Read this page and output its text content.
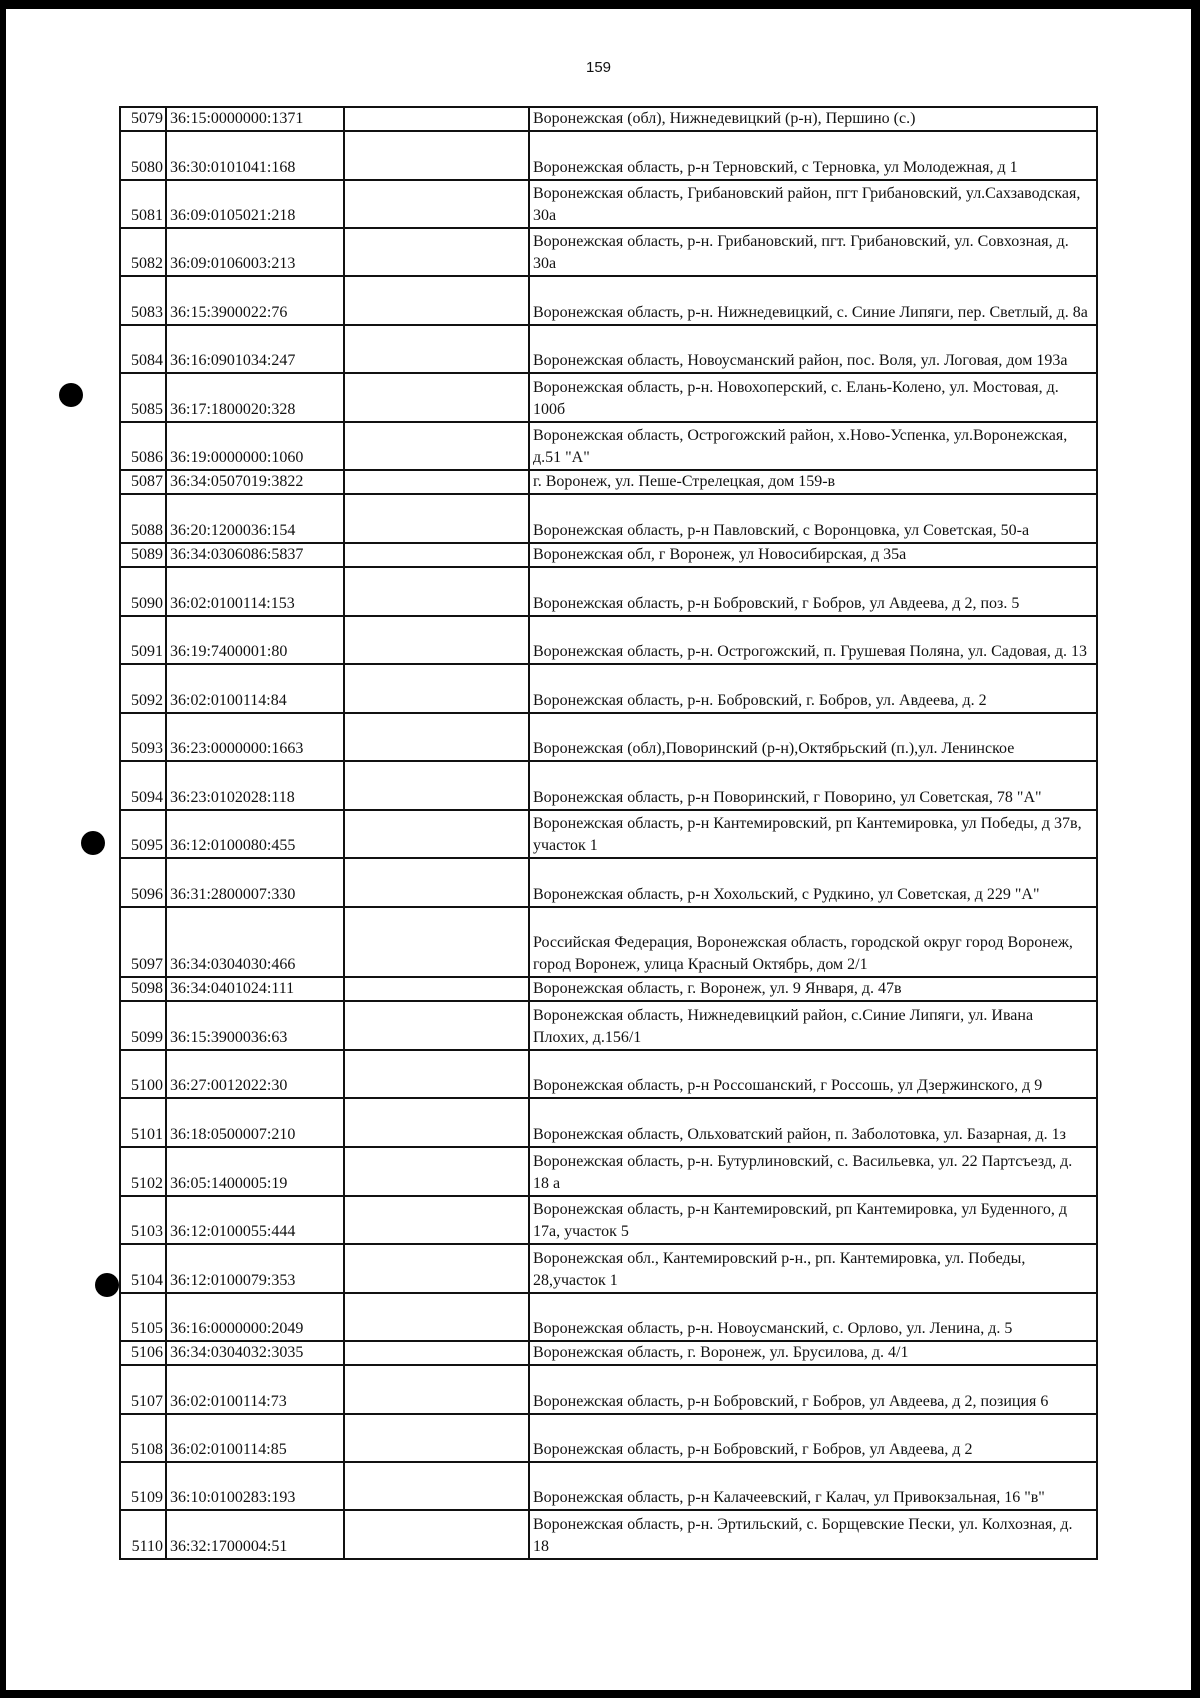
159
5079	36:15:0000000:1371		Воронежская (обл), Нижнедевицкий (р-н), Першино (с.)
5080	36:30:0101041:168		Воронежская область, р-н Терновский, с Терновка, ул Молодежная, д 1
5081	36:09:0105021:218		Воронежская область, Грибановский район, пгт Грибановский, ул.Сахзаводская, 30а
5082	36:09:0106003:213		Воронежская область, р-н. Грибановский, пгт. Грибановский, ул. Совхозная, д. 30а
5083	36:15:3900022:76		Воронежская область, р-н. Нижнедевицкий, с. Синие Липяги, пер. Светлый, д. 8а
5084	36:16:0901034:247		Воронежская область, Новоусманский район, пос. Воля, ул. Логовая, дом 193а
5085	36:17:1800020:328		Воронежская область, р-н. Новохоперский, с. Елань-Колено, ул. Мостовая, д. 100б
5086	36:19:0000000:1060		Воронежская область, Острогожский район, х.Ново-Успенка, ул.Воронежская, д.51 "А"
5087	36:34:0507019:3822		г. Воронеж, ул. Пеше-Стрелецкая, дом 159-в
5088	36:20:1200036:154		Воронежская область, р-н Павловский, с Воронцовка, ул Советская, 50-а
5089	36:34:0306086:5837		Воронежская обл, г Воронеж, ул Новосибирская, д 35а
5090	36:02:0100114:153		Воронежская область, р-н Бобровский, г Бобров, ул Авдеева, д 2, поз. 5
5091	36:19:7400001:80		Воронежская область, р-н. Острогожский, п. Грушевая Поляна, ул. Садовая, д. 13
5092	36:02:0100114:84		Воронежская область, р-н. Бобровский, г. Бобров, ул. Авдеева, д. 2
5093	36:23:0000000:1663		Воронежская (обл),Поворинский (р-н),Октябрьский (п.),ул. Ленинское
5094	36:23:0102028:118		Воронежская область, р-н Поворинский, г Поворино, ул Советская, 78 "А"
5095	36:12:0100080:455		Воронежская область, р-н Кантемировский, рп Кантемировка, ул Победы, д 37в, участок 1
5096	36:31:2800007:330		Воронежская область, р-н Хохольский, с Рудкино, ул Советская, д 229 "А"
5097	36:34:0304030:466		Российская Федерация, Воронежская область, городской округ город Воронеж, город Воронеж, улица Красный Октябрь, дом 2/1
5098	36:34:0401024:111		Воронежская область, г. Воронеж, ул. 9 Января, д. 47в
5099	36:15:3900036:63		Воронежская область, Нижнедевицкий район, с.Синие Липяги, ул. Ивана Плохих, д.156/1
5100	36:27:0012022:30		Воронежская область, р-н Россошанский, г Россошь, ул Дзержинского, д 9
5101	36:18:0500007:210		Воронежская область, Ольховатский район, п. Заболотовка, ул. Базарная, д. 1з
5102	36:05:1400005:19		Воронежская область, р-н. Бутурлиновский, с. Васильевка, ул. 22 Партсъезд, д. 18 а
5103	36:12:0100055:444		Воронежская область, р-н Кантемировский, рп Кантемировка, ул Буденного, д 17а, участок 5
5104	36:12:0100079:353		Воронежская обл., Кантемировский р-н., рп. Кантемировка, ул. Победы, 28,участок 1
5105	36:16:0000000:2049		Воронежская область, р-н. Новоусманский, с. Орлово, ул. Ленина, д. 5
5106	36:34:0304032:3035		Воронежская область, г. Воронеж, ул. Брусилова, д. 4/1
5107	36:02:0100114:73		Воронежская область, р-н Бобровский, г Бобров, ул Авдеева, д 2, позиция 6
5108	36:02:0100114:85		Воронежская область, р-н Бобровский, г Бобров, ул Авдеева, д 2
5109	36:10:0100283:193		Воронежская область, р-н Калачеевский, г Калач, ул Привокзальная, 16 "в"
5110	36:32:1700004:51		Воронежская область, р-н. Эртильский, с. Борщевские Пески, ул. Колхозная, д. 18
